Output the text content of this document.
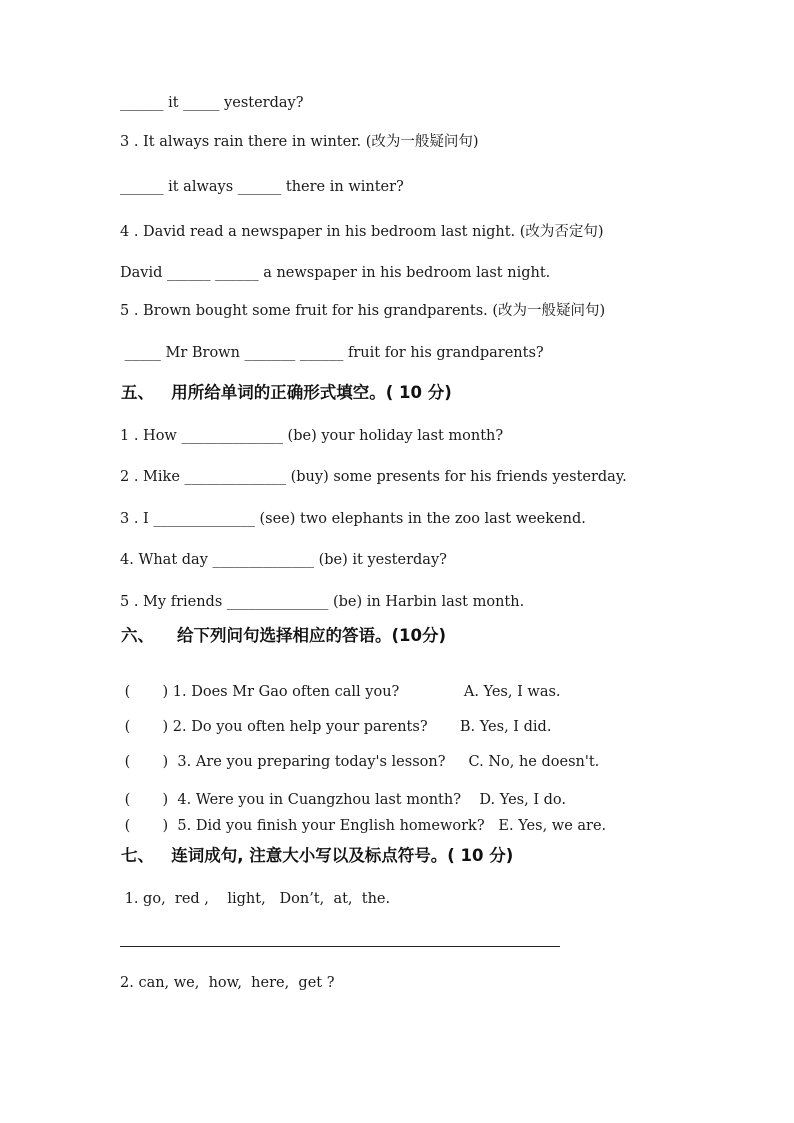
______ it _____ yesterday?
3 . It always rain there in winter. (改为一般疑问句)
______ it always ______ there in winter?
4 . David read a newspaper in his bedroom last night. (改为否定句)
David ______ ______ a newspaper in his bedroom last night.
5 . Brown bought some fruit for his grandparents. (改为一般疑问句)
_____ Mr Brown _______ ______ fruit for his grandparents?
五、   用所给单词的正确形式填空。( 10 分)
1 . How ______________ (be) your holiday last month?
2 . Mike ______________ (buy) some presents for his friends yesterday.
3 . I ______________ (see) two elephants in the zoo last weekend.
4. What day ______________ (be) it yesterday?
5 . My friends ______________ (be) in Harbin last month.
六、    给下列问句选择相应的答语。(10分)
(       ) 1. Does Mr Gao often call you?              A. Yes, I was.
(       ) 2. Do you often help your parents?       B. Yes, I did.
(       )  3. Are you preparing today's lesson?     C. No, he doesn't.
(       )  4. Were you in Cuangzhou last month?    D. Yes, I do.
(       )  5. Did you finish your English homework?   E. Yes, we are.
七、   连词成句, 注意大小写以及标点符号。( 10 分)
1. go,  red ,    light,   Don’t,  at,  the.
2. can, we,  how,  here,  get ?
